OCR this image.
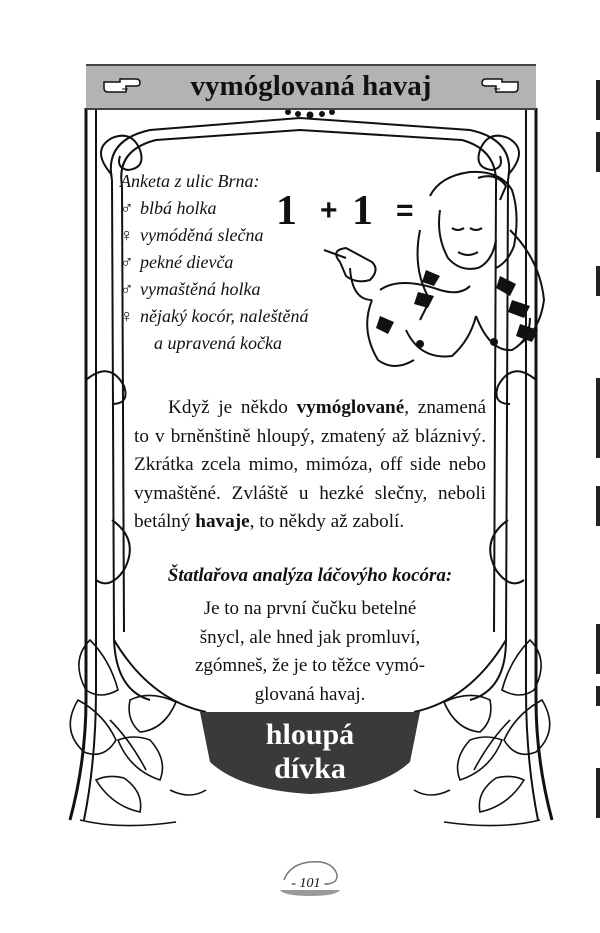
vymóglovaná havaj
Anketa z ulic Brna:
♂ blbá holka
♀ vymóděná slečna
♂ pekné dievča
♂ vymaštěná holka
♀ nějaký kocór, naleštěná
a upravená kočka
1 + 1 =

Když je někdo vymóglované, znamená to v brněnštině hloupý, zmatený až bláznivý. Zkrátka zcela mimo, mimóza, off side nebo vymaštěné. Zvláště u hezké slečny, neboli betálný havaje, to někdy až zabolí.

Štatlařova analýza láčovýho kocóra:
Je to na první čučku betelné
šnycl, ale hned jak promluví,
zgómneš, že je to těžce vymó-
glovaná havaj.
hloupá
dívka
- 101 -
